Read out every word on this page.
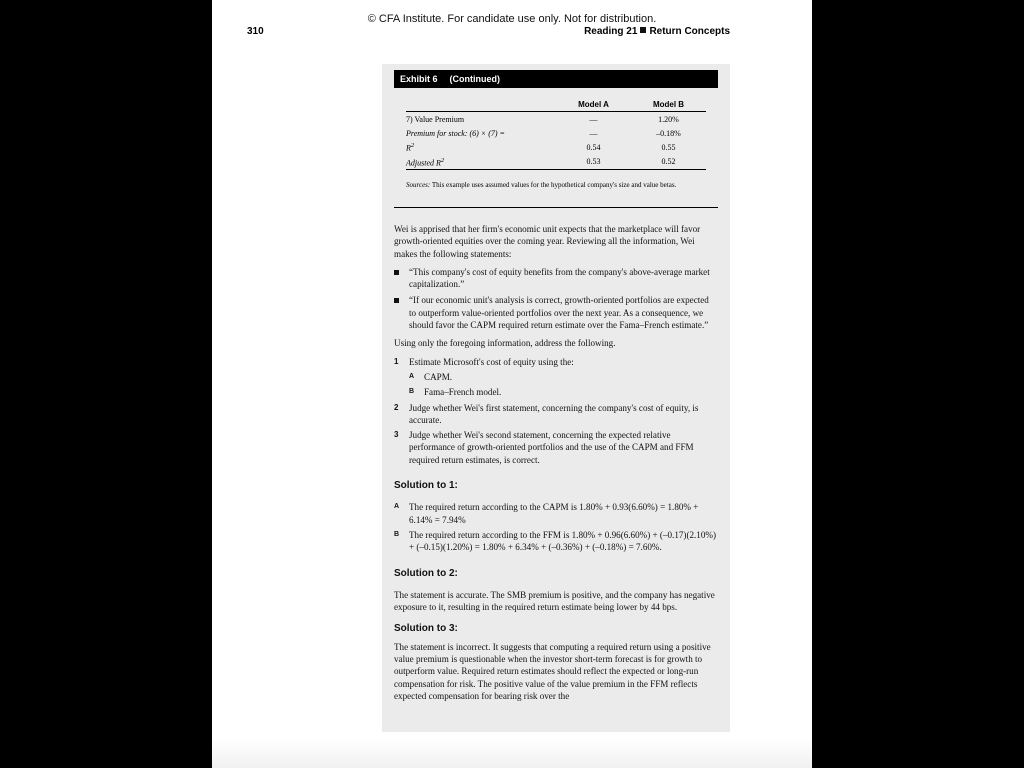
© CFA Institute. For candidate use only. Not for distribution.
310	Reading 21 Return Concepts
Exhibit 6 (Continued)
	Model A	Model B
7) Value Premium	—	1.20%
Premium for stock: (6) × (7) =	—	–0.18%
$R^2$	0.54	0.55
Adjusted $R^2$	0.53	0.52
Sources: This example uses assumed values for the hypothetical company's size and value betas.

Wei is apprised that her firm's economic unit expects that the marketplace will favor growth-oriented equities over the coming year. Reviewing all the information, Wei makes the following statements:

“This company's cost of equity benefits from the company's above-average market capitalization.”
“If our economic unit's analysis is correct, growth-oriented portfolios are expected to outperform value-oriented portfolios over the next year. As a consequence, we should favor the CAPM required return estimate over the Fama–French estimate.”

Using only the foregoing information, address the following.

1 Estimate Microsoft's cost of equity using the:
A CAPM.
B Fama–French model.
2 Judge whether Wei's first statement, concerning the company's cost of equity, is accurate.
3 Judge whether Wei's second statement, concerning the expected relative performance of growth-oriented portfolios and the use of the CAPM and FFM required return estimates, is correct.
Solution to 1:
A The required return according to the CAPM is 1.80% + 0.93(6.60%) = 1.80% + 6.14% = 7.94%
B The required return according to the FFM is 1.80% + 0.96(6.60%) + (–0.17)(2.10%) + (–0.15)(1.20%) = 1.80% + 6.34% + (–0.36%) + (–0.18%) = 7.60%.
Solution to 2:

The statement is accurate. The SMB premium is positive, and the company has negative exposure to it, resulting in the required return estimate being lower by 44 bps.

Solution to 3:

The statement is incorrect. It suggests that computing a required return using a positive value premium is questionable when the investor short-term forecast is for growth to outperform value. Required return estimates should reflect the expected or long-run compensation for risk. The positive value of the value premium in the FFM reflects expected compensation for bearing risk over the
